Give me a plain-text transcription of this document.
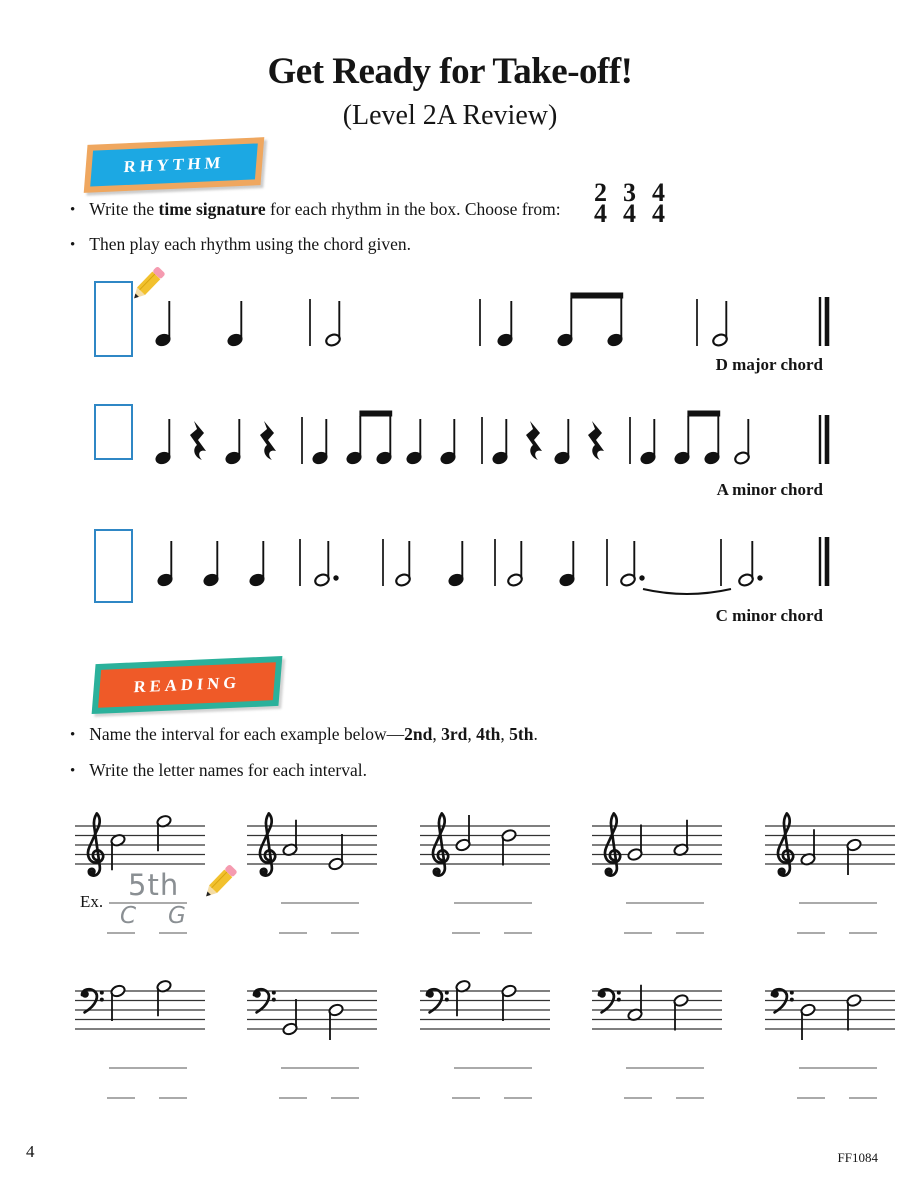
Get Ready for Take-off!
(Level 2A Review)
RHYTHM
• Write the time signature for each rhythm in the box. Choose from:
2
4
3
4
4
4
• Then play each rhythm using the chord given.
D major chord
A minor chord
C minor chord
READING
• Name the interval for each example below—2nd, 3rd, 4th, 5th.
• Write the letter names for each interval.
Ex. 5th
C G
4	FF1084
